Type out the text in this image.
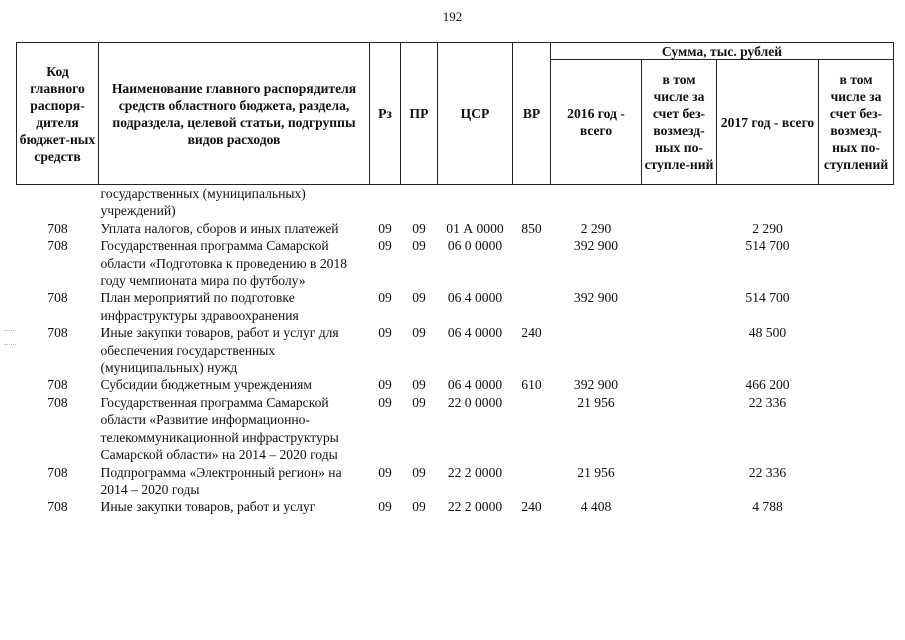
192
Код главного распоря-дителя бюджет-ных средств	Наименование главного распорядителя средств областного бюджета, раздела, подраздела, целевой статьи, подгруппы видов расходов	Рз	ПР	ЦСР	ВР	Сумма, тыс. рублей			
						2016 год - всего	в том числе за счет без-возмезд-ных по-ступле-ний	2017 год - всего	в том числе за счет без-возмезд-ных по-ступлений
	государственных (муниципальных) учреждений)								
708	Уплата налогов, сборов и иных платежей	09	09	01 А 0000	850	2 290		2 290	
708	Государственная программа Самарской области «Подготовка к проведению в 2018 году чемпионата мира по футболу»	09	09	06 0 0000		392 900		514 700	
708	План мероприятий по подготовке инфраструктуры здравоохранения	09	09	06 4 0000		392 900		514 700	
708	Иные закупки товаров, работ и услуг для обеспечения государственных (муниципальных) нужд	09	09	06 4 0000	240			48 500	
708	Субсидии бюджетным учреждениям	09	09	06 4 0000	610	392 900		466 200	
708	Государственная программа Самарской области «Развитие информационно-телекоммуникационной инфраструктуры Самарской области» на 2014 – 2020 годы	09	09	22 0 0000		21 956		22 336	
708	Подпрограмма «Электронный регион» на 2014 – 2020 годы	09	09	22 2 0000		21 956		22 336	
708	Иные закупки товаров, работ и услуг	09	09	22 2 0000	240	4 408		4 788	
